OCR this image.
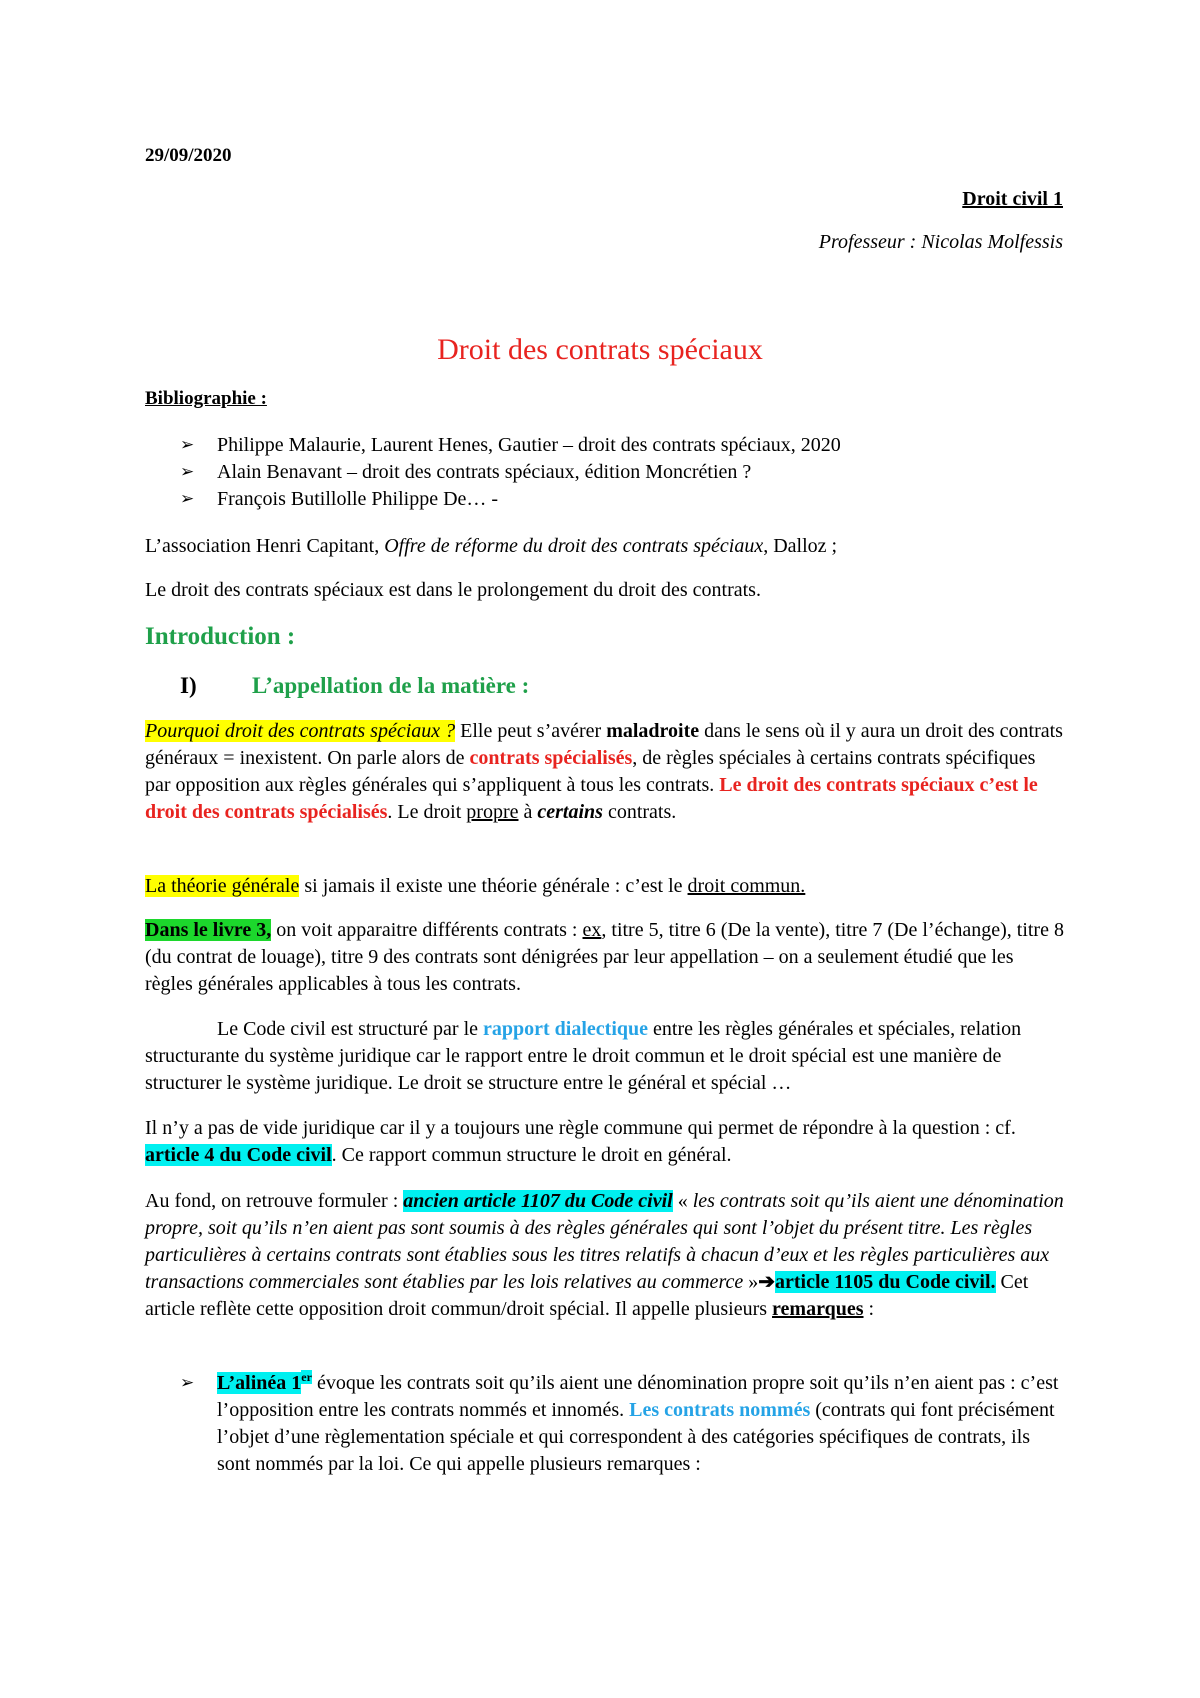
29/09/2020
Droit civil 1
Professeur : Nicolas Molfessis
Droit des contrats spéciaux
Bibliographie :
➢ Philippe Malaurie, Laurent Henes, Gautier – droit des contrats spéciaux, 2020
➢ Alain Benavant – droit des contrats spéciaux, édition Moncrétien ?
➢ François Butillolle Philippe De… -
L’association Henri Capitant, Offre de réforme du droit des contrats spéciaux, Dalloz ;
Le droit des contrats spéciaux est dans le prolongement du droit des contrats.
Introduction :
I) L’appellation de la matière :
Pourquoi droit des contrats spéciaux ? Elle peut s’avérer maladroite dans le sens où il y aura un droit des contrats généraux = inexistent. On parle alors de contrats spécialisés, de règles spéciales à certains contrats spécifiques par opposition aux règles générales qui s’appliquent à tous les contrats. Le droit des contrats spéciaux c’est le droit des contrats spécialisés. Le droit propre à certains contrats.
La théorie générale si jamais il existe une théorie générale : c’est le droit commun.
Dans le livre 3, on voit apparaitre différents contrats : ex, titre 5, titre 6 (De la vente), titre 7 (De l’échange), titre 8 (du contrat de louage), titre 9 des contrats sont dénigrées par leur appellation – on a seulement étudié que les règles générales applicables à tous les contrats.
Le Code civil est structuré par le rapport dialectique entre les règles générales et spéciales, relation structurante du système juridique car le rapport entre le droit commun et le droit spécial est une manière de structurer le système juridique. Le droit se structure entre le général et spécial …
Il n’y a pas de vide juridique car il y a toujours une règle commune qui permet de répondre à la question : cf. article 4 du Code civil. Ce rapport commun structure le droit en général.
Au fond, on retrouve formuler : ancien article 1107 du Code civil « les contrats soit qu’ils aient une dénomination propre, soit qu’ils n’en aient pas sont soumis à des règles générales qui sont l’objet du présent titre. Les règles particulières à certains contrats sont établies sous les titres relatifs à chacun d’eux et les règles particulières aux transactions commerciales sont établies par les lois relatives au commerce »➔article 1105 du Code civil. Cet article reflète cette opposition droit commun/droit spécial. Il appelle plusieurs remarques :
➢ L’alinéa 1er évoque les contrats soit qu’ils aient une dénomination propre soit qu’ils n’en aient pas : c’est l’opposition entre les contrats nommés et innomés. Les contrats nommés (contrats qui font précisément l’objet d’une règlementation spéciale et qui correspondent à des catégories spécifiques de contrats, ils sont nommés par la loi. Ce qui appelle plusieurs remarques :
